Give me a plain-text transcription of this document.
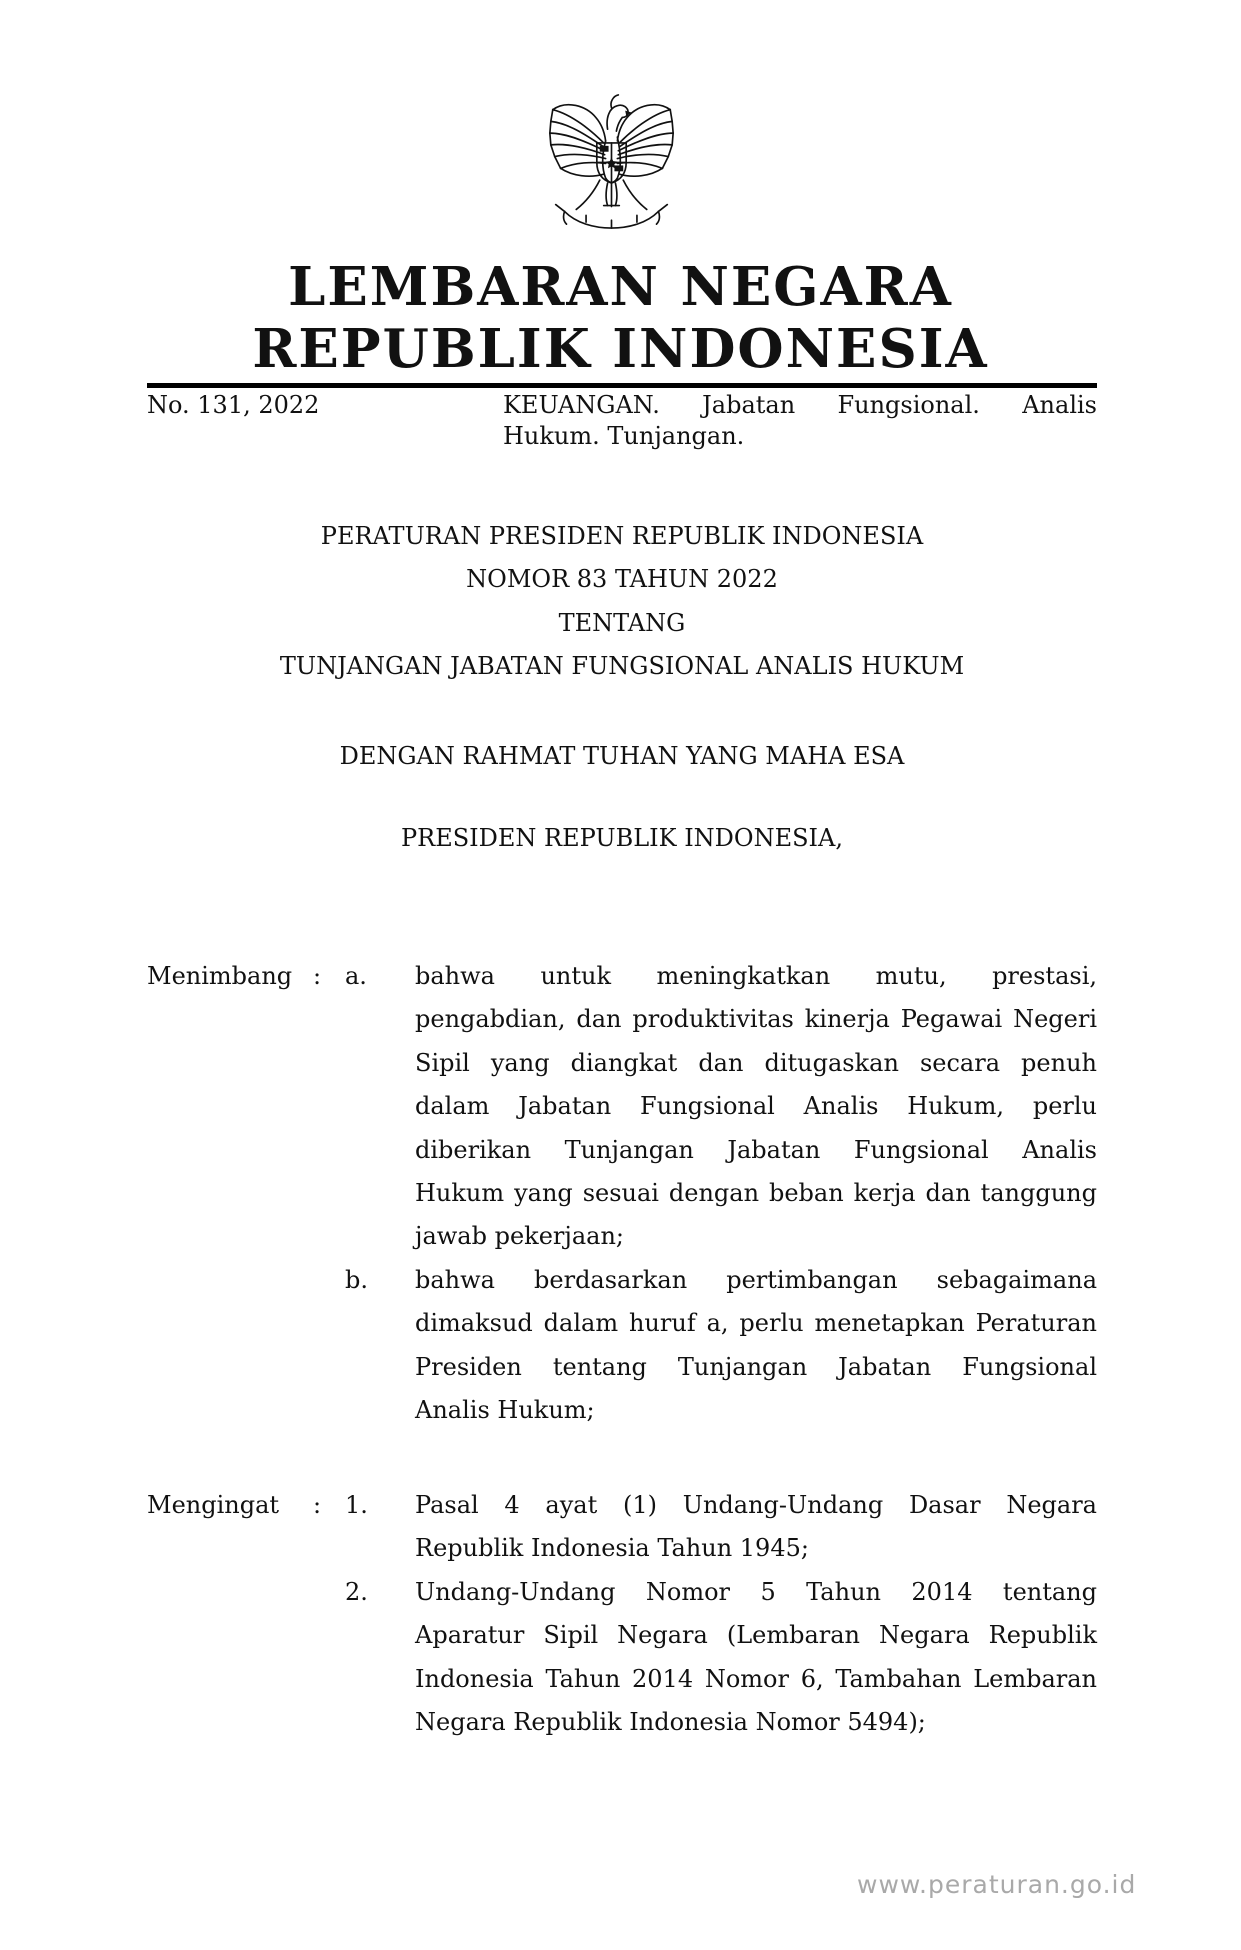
LEMBARAN NEGARA
REPUBLIK INDONESIA
No. 131, 2022	KEUANGAN. Jabatan Fungsional. Analis
Hukum. Tunjangan.
PERATURAN PRESIDEN REPUBLIK INDONESIA
NOMOR 83 TAHUN 2022
TENTANG
TUNJANGAN JABATAN FUNGSIONAL ANALIS HUKUM
DENGAN RAHMAT TUHAN YANG MAHA ESA
PRESIDEN REPUBLIK INDONESIA,
Menimbang : a.	bahwa untuk meningkatkan mutu, prestasi,
pengabdian, dan produktivitas kinerja Pegawai Negeri
Sipil yang diangkat dan ditugaskan secara penuh
dalam Jabatan Fungsional Analis Hukum, perlu
diberikan Tunjangan Jabatan Fungsional Analis
Hukum yang sesuai dengan beban kerja dan tanggung
jawab pekerjaan;
b.	bahwa berdasarkan pertimbangan sebagaimana
dimaksud dalam huruf a, perlu menetapkan Peraturan
Presiden tentang Tunjangan Jabatan Fungsional
Analis Hukum;
Mengingat	: 1.	Pasal 4 ayat (1) Undang-Undang Dasar Negara
Republik Indonesia Tahun 1945;
2.	Undang-Undang Nomor 5 Tahun 2014 tentang
Aparatur Sipil Negara (Lembaran Negara Republik
Indonesia Tahun 2014 Nomor 6, Tambahan Lembaran
Negara Republik Indonesia Nomor 5494);
www.peraturan.go.id
